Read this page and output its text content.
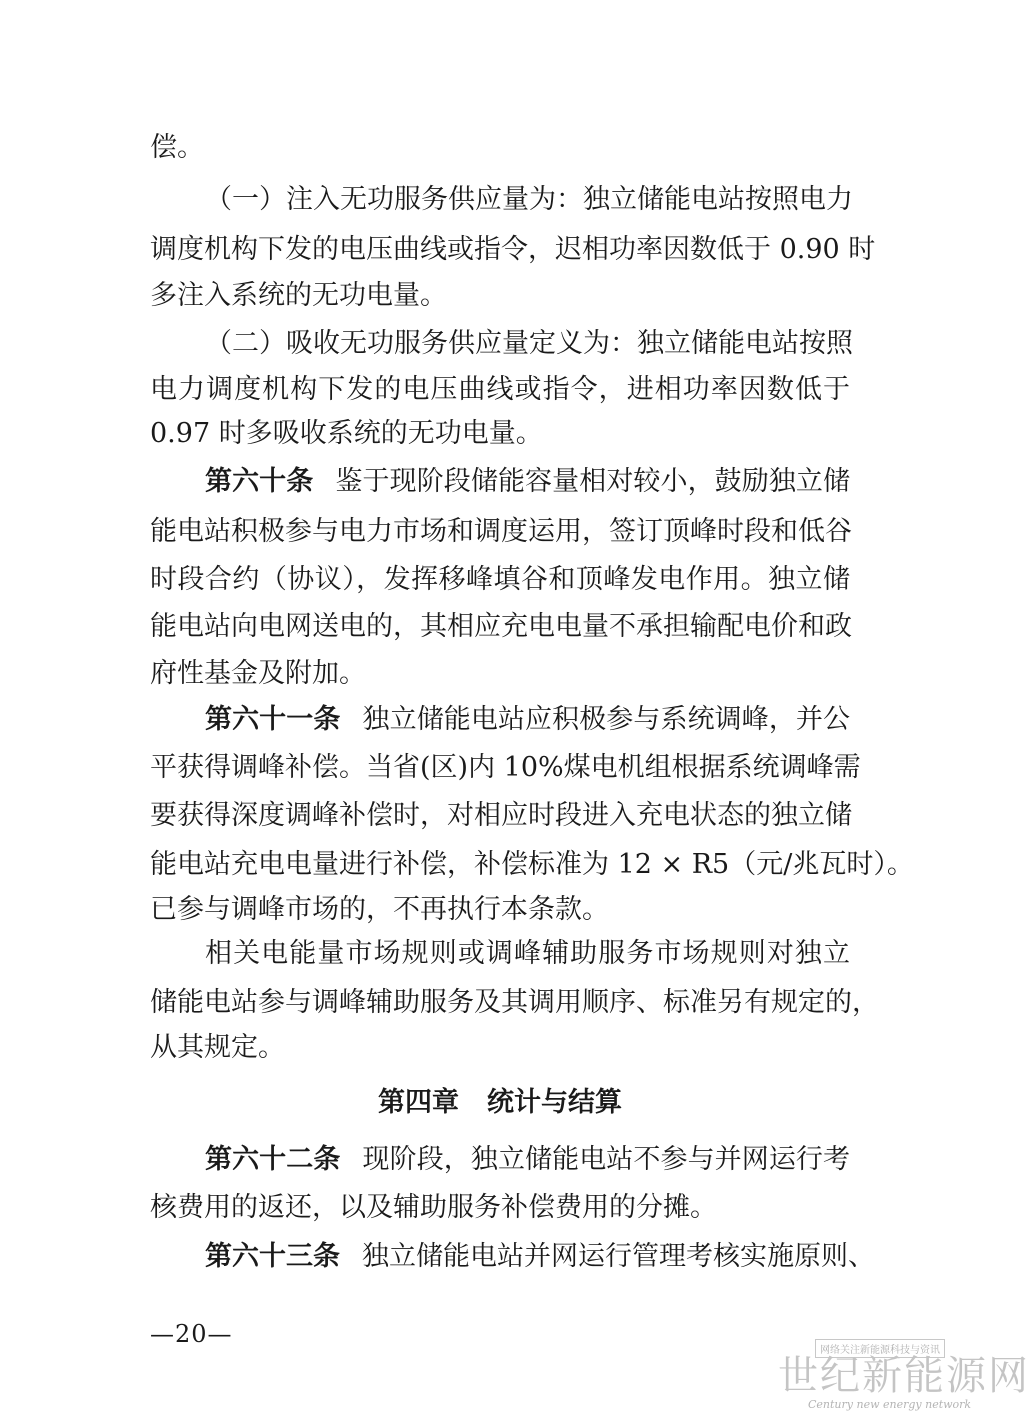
偿。
（一）注入无功服务供应量为：独立储能电站按照电力
调度机构下发的电压曲线或指令，迟相功率因数低于 0.90 时
多注入系统的无功电量。
（二）吸收无功服务供应量定义为：独立储能电站按照
电力调度机构下发的电压曲线或指令，进相功率因数低于
0.97 时多吸收系统的无功电量。
第六十条 鉴于现阶段储能容量相对较小，鼓励独立储
能电站积极参与电力市场和调度运用，签订顶峰时段和低谷
时段合约（协议），发挥移峰填谷和顶峰发电作用。独立储
能电站向电网送电的，其相应充电电量不承担输配电价和政
府性基金及附加。
第六十一条 独立储能电站应积极参与系统调峰，并公
平获得调峰补偿。当省(区)内 10%煤电机组根据系统调峰需
要获得深度调峰补偿时，对相应时段进入充电状态的独立储
能电站充电电量进行补偿，补偿标准为 12 × R5（元/兆瓦时）。
已参与调峰市场的，不再执行本条款。
相关电能量市场规则或调峰辅助服务市场规则对独立
储能电站参与调峰辅助服务及其调用顺序、标准另有规定的，
从其规定。
第四章 统计与结算
第六十二条 现阶段，独立储能电站不参与并网运行考
核费用的返还，以及辅助服务补偿费用的分摊。
第六十三条 独立储能电站并网运行管理考核实施原则、
—20—
网络关注新能源科技与资讯
世纪新能源网
Century new energy network
